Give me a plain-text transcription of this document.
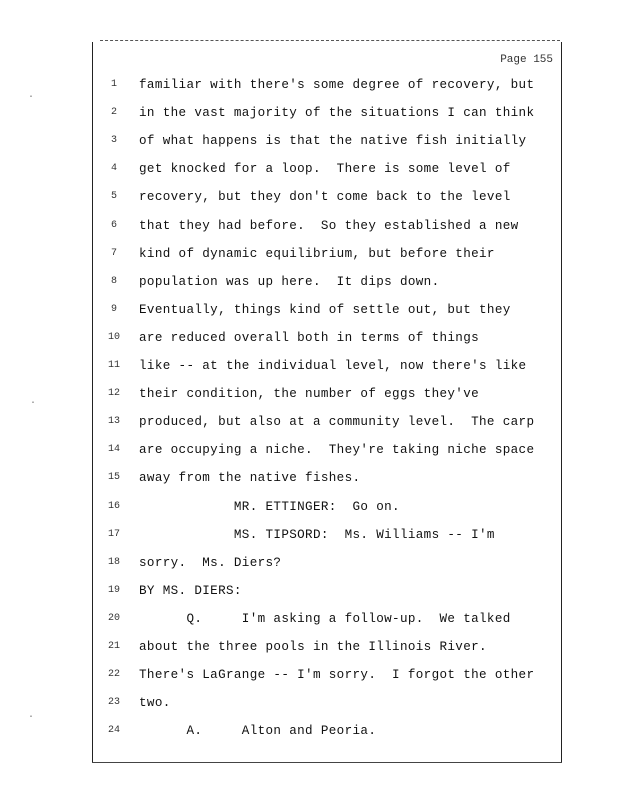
Page 155
1	familiar with there's some degree of recovery, but
2	in the vast majority of the situations I can think
3	of what happens is that the native fish initially
4	get knocked for a loop.  There is some level of
5	recovery, but they don't come back to the level
6	that they had before.  So they established a new
7	kind of dynamic equilibrium, but before their
8	population was up here.  It dips down.
9	Eventually, things kind of settle out, but they
10	are reduced overall both in terms of things
11	like -- at the individual level, now there's like
12	their condition, the number of eggs they've
13	produced, but also at a community level.  The carp
14	are occupying a niche.  They're taking niche space
15	away from the native fishes.
16	MR. ETTINGER:  Go on.
17	MS. TIPSORD:  Ms. Williams -- I'm
18	sorry.  Ms. Diers?
19	BY MS. DIERS:
20	Q.     I'm asking a follow-up.  We talked
21	about the three pools in the Illinois River.
22	There's LaGrange -- I'm sorry.  I forgot the other
23	two.
24	A.     Alton and Peoria.
·
·
·
